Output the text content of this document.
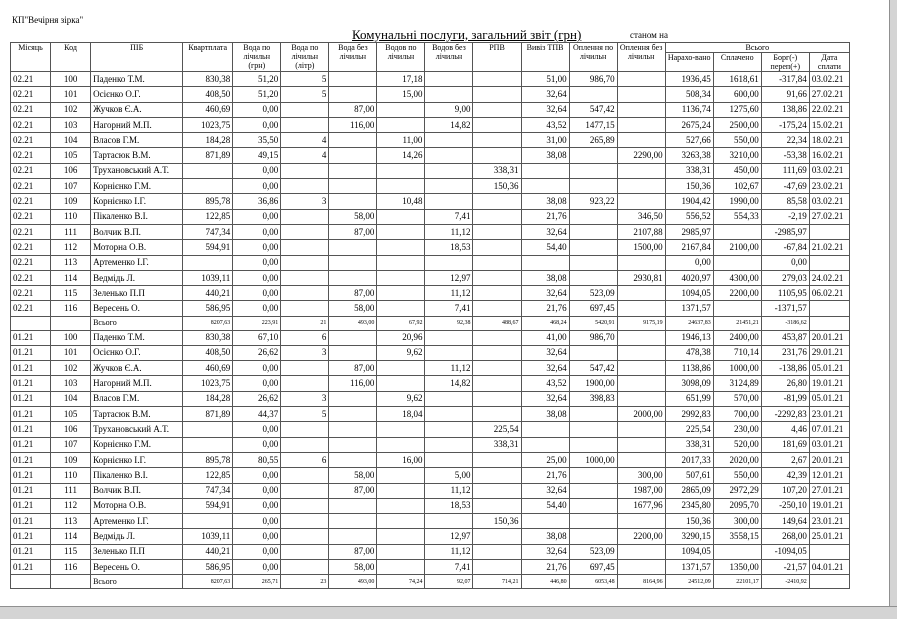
КП"Вечірня зірка"
Комунальні послуги, загальний звіт (грн)	станом на
Місяць	Код	ПІБ	Квартплата	Вода по лічильн (грн)	Вода по лічильн (літр)	Вода без лічильн	Водов по лічильн	Водов без лічильн	РПВ	Вивіз ТПВ	Оплення по лічильн	Оплення без лічильн	Всього			
													Нарахо-вано	Сплачено	Борг(-) переп(+)	Дата сплати
02.21	100	Паденко Т.М.	830,38	51,20	5		17,18			51,00	986,70		1936,45	1618,61	-317,84	03.02.21
02.21	101	Осієнко О.Г.	408,50	51,20	5		15,00			32,64			508,34	600,00	91,66	27.02.21
02.21	102	Жучков Є.А.	460,69	0,00		87,00		9,00		32,64	547,42		1136,74	1275,60	138,86	22.02.21
02.21	103	Нагорний М.П.	1023,75	0,00		116,00		14,82		43,52	1477,15		2675,24	2500,00	-175,24	15.02.21
02.21	104	Власов Г.М.	184,28	35,50	4		11,00			31,00	265,89		527,66	550,00	22,34	18.02.21
02.21	105	Тартасюк В.М.	871,89	49,15	4		14,26			38,08		2290,00	3263,38	3210,00	-53,38	16.02.21
02.21	106	Трухановський А.Т.		0,00					338,31				338,31	450,00	111,69	03.02.21
02.21	107	Корнієнко Г.М.		0,00					150,36				150,36	102,67	-47,69	23.02.21
02.21	109	Корнієнко І.Г.	895,78	36,86	3		10,48			38,08	923,22		1904,42	1990,00	85,58	03.02.21
02.21	110	Пікаленко В.І.	122,85	0,00		58,00		7,41		21,76		346,50	556,52	554,33	-2,19	27.02.21
02.21	111	Волчик В.П.	747,34	0,00		87,00		11,12		32,64		2107,88	2985,97		-2985,97	
02.21	112	Моторна О.В.	594,91	0,00				18,53		54,40		1500,00	2167,84	2100,00	-67,84	21.02.21
02.21	113	Артеменко І.Г.		0,00									0,00		0,00	
02.21	114	Ведмідь Л.	1039,11	0,00				12,97		38,08		2930,81	4020,97	4300,00	279,03	24.02.21
02.21	115	Зеленько П.П	440,21	0,00		87,00		11,12		32,64	523,09		1094,05	2200,00	1105,95	06.02.21
02.21	116	Вересень О.	586,95	0,00		58,00		7,41		21,76	697,45		1371,57		-1371,57	
		Всього	8207,63	223,91	21	493,00	67,92	92,38	488,67	468,24	5420,91	9175,19	24637,83	21451,21	-3186,62	
01.21	100	Паденко Т.М.	830,38	67,10	6		20,96			41,00	986,70		1946,13	2400,00	453,87	20.01.21
01.21	101	Осієнко О.Г.	408,50	26,62	3		9,62			32,64			478,38	710,14	231,76	29.01.21
01.21	102	Жучков Є.А.	460,69	0,00		87,00		11,12		32,64	547,42		1138,86	1000,00	-138,86	05.01.21
01.21	103	Нагорний М.П.	1023,75	0,00		116,00		14,82		43,52	1900,00		3098,09	3124,89	26,80	19.01.21
01.21	104	Власов Г.М.	184,28	26,62	3		9,62			32,64	398,83		651,99	570,00	-81,99	05.01.21
01.21	105	Тартасюк В.М.	871,89	44,37	5		18,04			38,08		2000,00	2992,83	700,00	-2292,83	23.01.21
01.21	106	Трухановський А.Т.		0,00					225,54				225,54	230,00	4,46	07.01.21
01.21	107	Корнієнко Г.М.		0,00					338,31				338,31	520,00	181,69	03.01.21
01.21	109	Корнієнко І.Г.	895,78	80,55	6		16,00			25,00	1000,00		2017,33	2020,00	2,67	20.01.21
01.21	110	Пікаленко В.І.	122,85	0,00		58,00		5,00		21,76		300,00	507,61	550,00	42,39	12.01.21
01.21	111	Волчик В.П.	747,34	0,00		87,00		11,12		32,64		1987,00	2865,09	2972,29	107,20	27.01.21
01.21	112	Моторна О.В.	594,91	0,00				18,53		54,40		1677,96	2345,80	2095,70	-250,10	19.01.21
01.21	113	Артеменко І.Г.		0,00					150,36				150,36	300,00	149,64	23.01.21
01.21	114	Ведмідь Л.	1039,11	0,00				12,97		38,08		2200,00	3290,15	3558,15	268,00	25.01.21
01.21	115	Зеленько П.П	440,21	0,00		87,00		11,12		32,64	523,09		1094,05		-1094,05	
01.21	116	Вересень О.	586,95	0,00		58,00		7,41		21,76	697,45		1371,57	1350,00	-21,57	04.01.21
		Всього	8207,63	265,71	23	493,00	74,24	92,07	714,21	446,80	6053,48	8164,96	24512,09	22101,17	-2410,92	
